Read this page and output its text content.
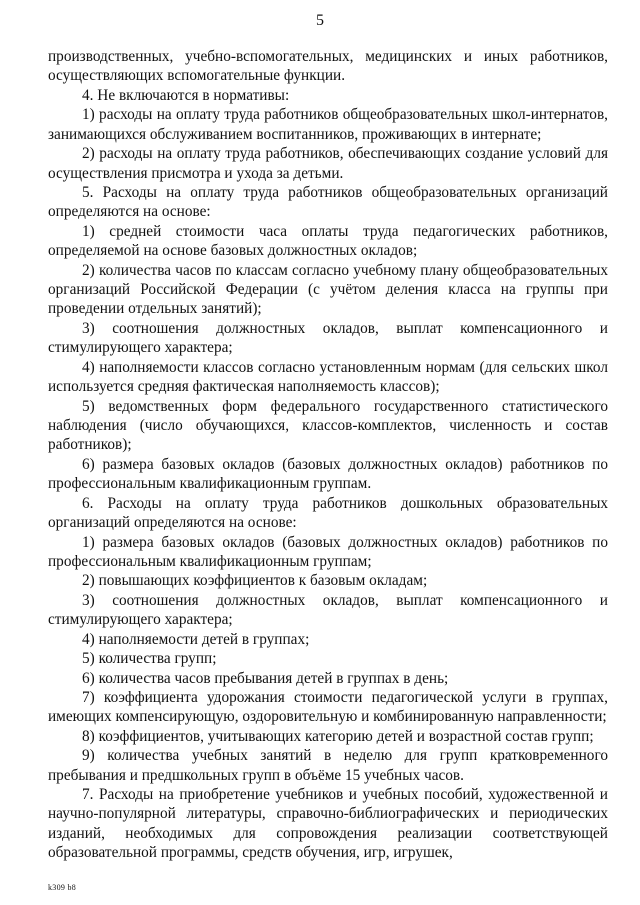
5

производственных, учебно-вспомогательных, медицинских и иных работников, осуществляющих вспомогательные функции.

4. Не включаются в нормативы:

1) расходы на оплату труда работников общеобразовательных школ-интернатов, занимающихся обслуживанием воспитанников, проживающих в интернате;

2) расходы на оплату труда работников, обеспечивающих создание условий для осуществления присмотра и ухода за детьми.

5. Расходы на оплату труда работников общеобразовательных организаций определяются на основе:

1) средней стоимости часа оплаты труда педагогических работников, определяемой на основе базовых должностных окладов;

2) количества часов по классам согласно учебному плану общеобразовательных организаций Российской Федерации (с учётом деления класса на группы при проведении отдельных занятий);

3) соотношения должностных окладов, выплат компенсационного и стимулирующего характера;

4) наполняемости классов согласно установленным нормам (для сельских школ используется средняя фактическая наполняемость классов);

5) ведомственных форм федерального государственного статистического наблюдения (число обучающихся, классов-комплектов, численность и состав работников);

6) размера базовых окладов (базовых должностных окладов) работников по профессиональным квалификационным группам.

6. Расходы на оплату труда работников дошкольных образовательных организаций определяются на основе:

1) размера базовых окладов (базовых должностных окладов) работников по профессиональным квалификационным группам;

2) повышающих коэффициентов к базовым окладам;

3) соотношения должностных окладов, выплат компенсационного и стимулирующего характера;

4) наполняемости детей в группах;

5) количества групп;

6) количества часов пребывания детей в группах в день;

7) коэффициента удорожания стоимости педагогической услуги в группах, имеющих компенсирующую, оздоровительную и комбинированную направленности;

8) коэффициентов, учитывающих категорию детей и возрастной состав групп;

9) количества учебных занятий в неделю для групп кратковременного пребывания и предшкольных групп в объёме 15 учебных часов.

7. Расходы на приобретение учебников и учебных пособий, художественной и научно-популярной литературы, справочно-библиографических и периодических изданий, необходимых для сопровождения реализации соответствующей образовательной программы, средств обучения, игр, игрушек,

k309 b8
